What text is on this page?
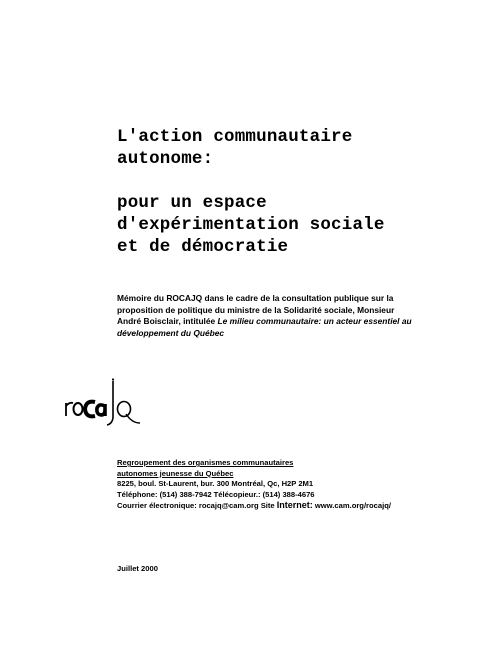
L'action communautaire
autonome:
pour un espace
d'expérimentation sociale
et de démocratie
Mémoire du ROCAJQ dans le cadre de la consultation publique sur la
proposition de politique du ministre de la Solidarité sociale, Monsieur
André Boisclair, intitulée Le milieu communautaire: un acteur essentiel au
développement du Québec
Regroupement des organismes communautaires
autonomes jeunesse du Québec
8225, boul. St-Laurent, bur. 300 Montréal, Qc, H2P 2M1
Téléphone: (514) 388-7942 Télécopieur.: (514) 388-4676
Courrier électronique: rocajq@cam.org Site Internet: www.cam.org/rocajq/
Juillet 2000
